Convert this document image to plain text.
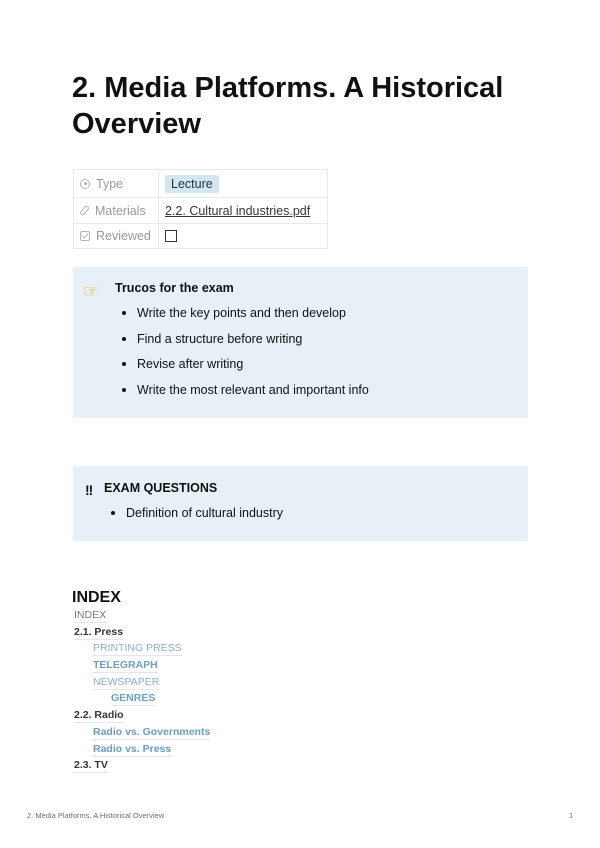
2. Media Platforms. A Historical Overview
Type	Lecture
Materials	2.2. Cultural industries.pdf
Reviewed	
☞ Trucos for the exam
Write the key points and then develop
Find a structure before writing
Revise after writing
Write the most relevant and important info
!! EXAM QUESTIONS
Definition of cultural industry
INDEX
INDEX
2.1. Press
PRINTING PRESS
TELEGRAPH
NEWSPAPER
GENRES
2.2. Radio
Radio vs. Governments
Radio vs. Press
2.3. TV
2. Media Platforms. A Historical Overview	1
